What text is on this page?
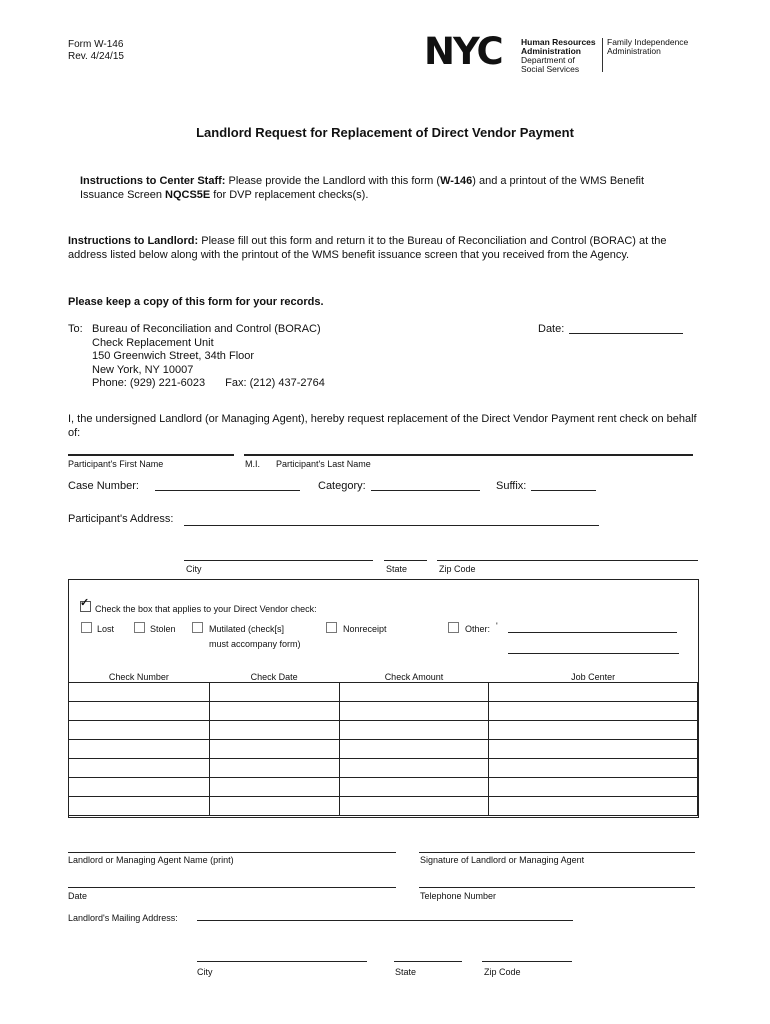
Form W-146
Rev. 4/24/15	NYC Human Resources
Administration
Department of
Social Services
Family Independence
Administration
Landlord Request for Replacement of Direct Vendor Payment
Instructions to Center Staff: Please provide the Landlord with this form (W-146) and a printout of the WMS Benefit Issuance Screen NQCS5E for DVP replacement checks(s).
Instructions to Landlord: Please fill out this form and return it to the Bureau of Reconciliation and Control (BORAC) at the address listed below along with the printout of the WMS benefit issuance screen that you received from the Agency.
Please keep a copy of this form for your records.
To: Bureau of Reconciliation and Control (BORAC)
Check Replacement Unit
150 Greenwich Street, 34th Floor
New York, NY 10007
Phone: (929) 221-6023 Fax: (212) 437-2764
Date:
I, the undersigned Landlord (or Managing Agent), hereby request replacement of the Direct Vendor Payment rent check on behalf of:
Participant's First Name	M.I. Participant's Last Name
Case Number:	Category:	Suffix:
Participant's Address:
City	State	Zip Code
✓ Check the box that applies to your Direct Vendor check:
Lost	Stolen	Mutilated (check[s]
must accompany form)
Nonreceipt	Other: '
Check Number	Check Date	Check Amount	Job Center

Landlord or Managing Agent Name (print)	Signature of Landlord or Managing Agent
Date	Telephone Number
Landlord's Mailing Address:
City	State	Zip Code
